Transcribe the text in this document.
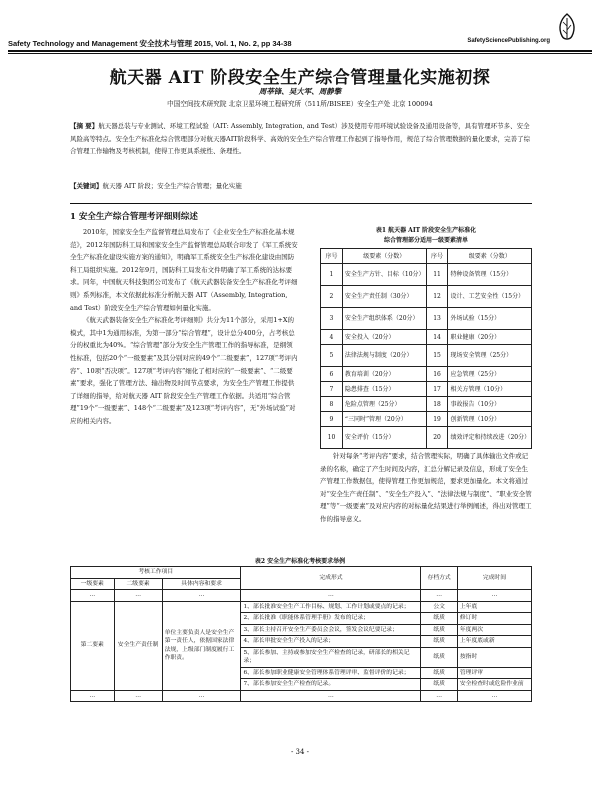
Safety Technology and Management 安全技术与管理 2015, Vol. 1, No. 2, pp 34-38	SafetySciencePublishing.org
航天器 AIT 阶段安全生产综合管理量化实施初探
周莘锋、吴大军、周静擎
中国空间技术研究院 北京卫星环境工程研究所（511所/BISEE）安全生产处 北京 100094
【摘 要】航天器总装与专业测试、环境工程试验（AIT: Assembly, Integration, and Test）涉及使用专用环境试验设备及通用设备等，具有管理环节多、安全风险高等特点。安全生产标准化综合管理部分对航天器AIT阶段科学、高效的安全生产综合管理工作起到了指导作用，规范了综合管理数据的量化要求，完善了综合管理工作输物及考核机制，使得工作更具系统性、条理性。
【关键词】航天器 AIT 阶段；安全生产综合管理；量化实施
1 安全生产综合管理考评细则综述
2010年，国家安全生产监督管理总局发布了《企业安全生产标准化基本规范》，2012年国防科工局和国家安全生产监督管理总局联合印发了《军工系统安全生产标准化建设实施方案的通知》，明确军工系统安全生产标准化建设由国防科工局组织实施。2012年9月，国防科工局发布文件明确了军工系统的达标要求。同年，中国航天科技集团公司发布了《航天武器装备安全生产标准化考评细则》系列标准，本文依据此标准分析航天器 AIT（Assembly, Integration, and Test）阶段安全生产综合管理如何量化实施。
《航天武器装备安全生产标准化考评细则》共分为11个部分，采用1+X的模式，其中1为通用标准，为第一部分“综合管理”，设计总分400分，占考核总分的权重比为40%。“综合管理”部分为安全生产管理工作的指导标准，是纲领性标准，包括20个“一级要素”及其分别对应的49个“二级要素”，127项“考评内容”、10项“否决项”。127项“考评内容”细化了相对应的“一级要素”、“二级要素”要求，强化了管理方法、输出物及时间节点要求，为安全生产管理工作提供了详细的指导，给对航天器 AIT 阶段安全生产管理工作依据。共适用“综合管理”19个“一级要素”、148个“二级要素”及123项“考评内容”，无“外场试验”对应的相关内容。
表1 航天器 AIT 阶段安全生产标准化
综合管理部分适用一级要素清单
序号	级要素（分数）	序号	级要素（分数）
1	安全生产方针、目标（10分）	11	特种设备管理（15分）
2	安全生产责任制（30分）	12	设计、工艺安全性（15分）
3	安全生产组织体系（20分）	13	外场试验（15分）
4	安全投入（20分）	14	职业健康（20分）
5	法律法规与制度（20分）	15	现场安全管理（25分）
6	教育培训（20分）	16	应急管理（25分）
7	隐患排查（15分）	17	相关方管理（10分）
8	危险点管理（25分）	18	事故报告（10分）
9	“三同时”管理（20分）	19	创新管理（10分）
10	安全评价（15分）	20	绩效评定和持续改进（20分）
针对每条“考评内容”要求，结合管理实际，明确了具体输出文件或记录的名称，确定了产生时间及内容，汇总分解记录及信息，形成了安全生产管理工作数据包，使得管理工作更加规范，要求更加量化。本文将通过对“安全生产责任制”、“安全生产投入”、“法律法规与制度”、“职业安全管理”等“一级要素”及对应内容的对标量化结果进行举例阐述，得出对管理工作的指导意义。
表2 安全生产标准化考核要求举例
考核工作项目			完成形式	存档方式	完成时间
一级要素	二级要素	具体内容和要求			
…	…	…	…	…	…
第二要素	安全生产责任制	单位主要负责人是安全生产第一责任人，依据国家法律法规，上级部门制度履行工作职责。	1、部长批准安全生产工作目标、规划、工作计划或要点的记录；	公文	上年底
			2、部长批准《职能体系管理手册》发布的记录；	纸质	修订时
			3、部长主持召开安全生产委员会会议，签发会议纪要记录；	纸质	年度两次
			4、部长审批安全生产投入的记录；	纸质	上年度底或新
			5、部长参加、主持或参加安全生产检查的记录，研部长的相关记录；	纸质	按指时
			6、部长参加职业健康安全管理体系管理评审、监督评价的记录；	纸质	管理评审
			7、部长参加安全生产检查的记录。	纸质	安全检查时或危险作业前
…	…	…	…	…	…
- 34 -
